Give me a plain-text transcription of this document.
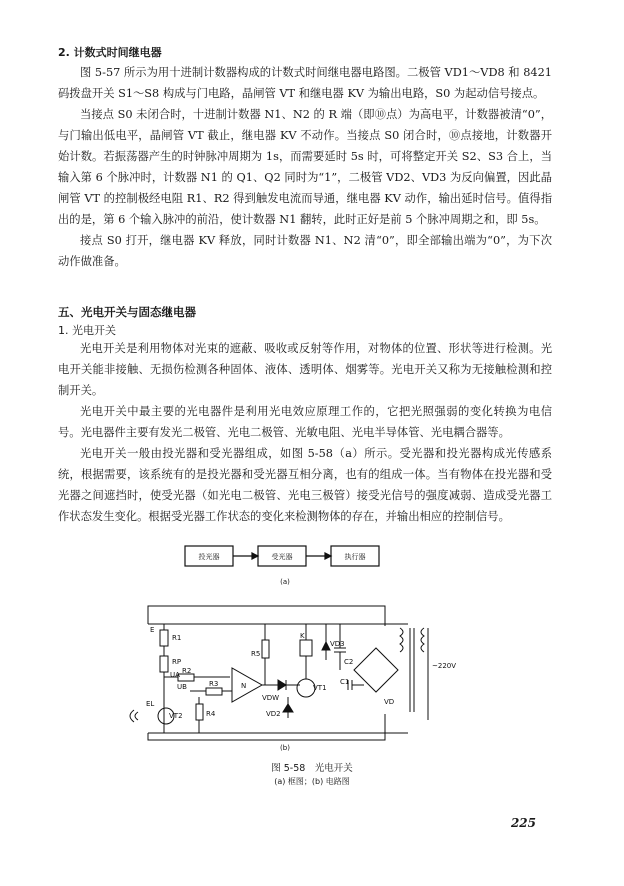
2. 计数式时间继电器

图 5-57 所示为用十进制计数器构成的计数式时间继电器电路图。二极管 VD1～VD8 和 8421 码拨盘开关 S1～S8 构成与门电路，晶闸管 VT 和继电器 KV 为输出电路，S0 为起动信号接点。

当接点 S0 未闭合时，十进制计数器 N1、N2 的 R 端（即⑩点）为高电平，计数器被清“0”，与门输出低电平，晶闸管 VT 截止，继电器 KV 不动作。当接点 S0 闭合时，⑩点接地，计数器开始计数。若振荡器产生的时钟脉冲周期为 1s，而需要延时 5s 时，可将整定开关 S2、S3 合上，当输入第 6 个脉冲时，计数器 N1 的 Q1、Q2 同时为“1”，二极管 VD2、VD3 为反向偏置，因此晶闸管 VT 的控制极经电阻 R1、R2 得到触发电流而导通，继电器 KV 动作，输出延时信号。值得指出的是，第 6 个输入脉冲的前沿，使计数器 N1 翻转，此时正好是前 5 个脉冲周期之和，即 5s。

接点 S0 打开，继电器 KV 释放，同时计数器 N1、N2 清“0”，即全部输出端为“0”，为下次动作做准备。

五、光电开关与固态继电器
1. 光电开关

光电开关是利用物体对光束的遮蔽、吸收或反射等作用，对物体的位置、形状等进行检测。光电开关能非接触、无损伤检测各种固体、液体、透明体、烟雾等。光电开关又称为无接触检测和控制开关。

光电开关中最主要的光电器件是利用光电效应原理工作的，它把光照强弱的变化转换为电信号。光电器件主要有发光二极管、光电二极管、光敏电阻、光电半导体管、光电耦合器等。

光电开关一般由投光器和受光器组成，如图 5-58（a）所示。受光器和投光器构成光传感系统，根据需要，该系统有的是投光器和受光器互相分离，也有的组成一体。当有物体在投光器和受光器之间遮挡时，使受光器（如光电二极管、光电三极管）接受光信号的强度减弱、造成受光器工作状态发生变化。根据受光器工作状态的变化来检测物体的存在，并输出相应的控制信号。

投光器	受光器	执行器
(a)
R1
E
RP
UA R2
UB	R3	N
R4
EL
VT2
R5
K
VD3
C2
VDW
VT1
VD2
C1
VD
~220V
(b)
图 5-58　光电开关
(a) 框图；(b) 电路图
225
